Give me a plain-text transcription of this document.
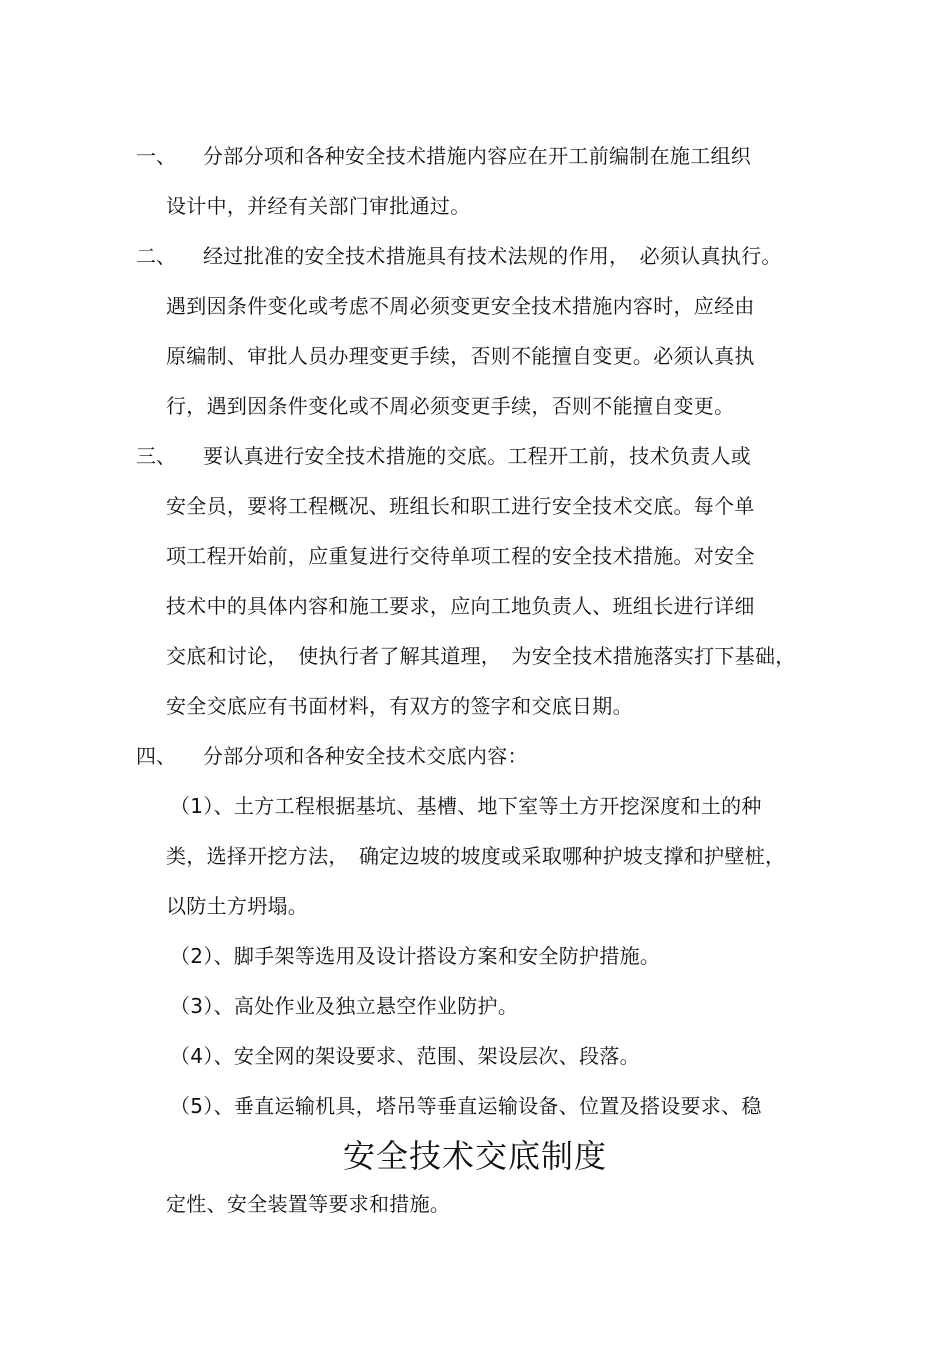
一、 分部分项和各种安全技术措施内容应在开工前编制在施工组织
设计中，并经有关部门审批通过。
二、 经过批准的安全技术措施具有技术法规的作用，　必须认真执行。
遇到因条件变化或考虑不周必须变更安全技术措施内容时，应经由
原编制、审批人员办理变更手续，否则不能擅自变更。必须认真执
行，遇到因条件变化或不周必须变更手续，否则不能擅自变更。
三、 要认真进行安全技术措施的交底。工程开工前，技术负责人或
安全员，要将工程概况、班组长和职工进行安全技术交底。每个单
项工程开始前，应重复进行交待单项工程的安全技术措施。对安全
技术中的具体内容和施工要求，应向工地负责人、班组长进行详细
交底和讨论，　使执行者了解其道理，　为安全技术措施落实打下基础，
安全交底应有书面材料，有双方的签字和交底日期。
四、 分部分项和各种安全技术交底内容：
（1）、土方工程根据基坑、基槽、地下室等土方开挖深度和土的种
类，选择开挖方法，　确定边坡的坡度或采取哪种护坡支撑和护壁桩，
以防土方坍塌。
（2）、脚手架等选用及设计搭设方案和安全防护措施。
（3）、高处作业及独立悬空作业防护。
（4）、安全网的架设要求、范围、架设层次、段落。
（5）、垂直运输机具，塔吊等垂直运输设备、位置及搭设要求、稳
安全技术交底制度
定性、安全装置等要求和措施。
